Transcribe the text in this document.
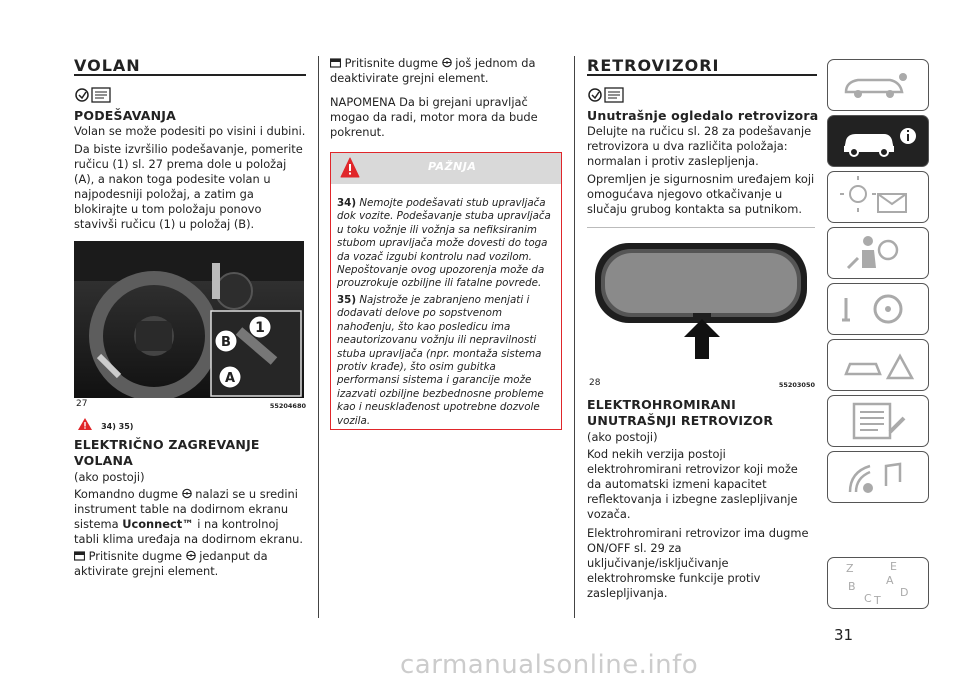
VOLAN
PODEŠAVANJA
Volan se može podesiti po visini i dubini.
Da biste izvršilio podešavanje, pomerite ručicu (1) sl. 27 prema dole u položaj (A), a nakon toga podesite volan u najpodesniji položaj, a zatim ga blokirajte u tom položaju ponovo stavivši ručicu (1) u položaj (B).
1
B
A
27	55204680
34) 35)
ELEKTRIČNO ZAGREVANJE VOLANA
(ako postoji)
Komandno dugme nalazi se u sredini instrument table na dodirnom ekranu sistema Uconnect™ i na kontrolnoj tabli klima uređaja na dodirnom ekranu.
Pritisnite dugme jedanput da aktivirate grejni element.
Pritisnite dugme još jednom da deaktivirate grejni element.
NAPOMENA Da bi grejani upravljač mogao da radi, motor mora da bude pokrenut.
PAŽNJA
34) Nemojte podešavati stub upravljača dok vozite. Podešavanje stuba upravljača u toku vožnje ili vožnja sa nefiksiranim stubom upravljača može dovesti do toga da vozač izgubi kontrolu nad vozilom. Nepoštovanje ovog upozorenja može da prouzrokuje ozbiljne ili fatalne povrede.
35) Najstrože je zabranjeno menjati i dodavati delove po sopstvenom nahođenju, što kao posledicu ima neautorizovanu vožnju ili nepravilnosti stuba upravljača (npr. montaža sistema protiv krađe), što osim gubitka performansi sistema i garancije može izazvati ozbiljne bezbednosne probleme kao i neusklađenost upotrebne dozvole vozila.
RETROVIZORI
Unutrašnje ogledalo retrovizora
Delujte na ručicu sl. 28 za podešavanje retrovizora u dva različita položaja: normalan i protiv zaslepljenja.
Opremljen je sigurnosnim uređajem koji omogućava njegovo otkačivanje u slučaju grubog kontakta sa putnikom.
28	55203050
ELEKTROHROMIRANI UNUTRAŠNJI RETROVIZOR
(ako postoji)
Kod nekih verzija postoji elektrohromirani retrovizor koji može da automatski izmeni kapacitet reflektovanja i izbegne zaslepljivanje vozača.
Elektrohromirani retrovizor ima dugme ON/OFF sl. 29 za uključivanje/isključivanje elektrohromske funkcije protiv zaslepljivanja.
Z	E
A
B
C T
D
31
carmanualsonline.info
